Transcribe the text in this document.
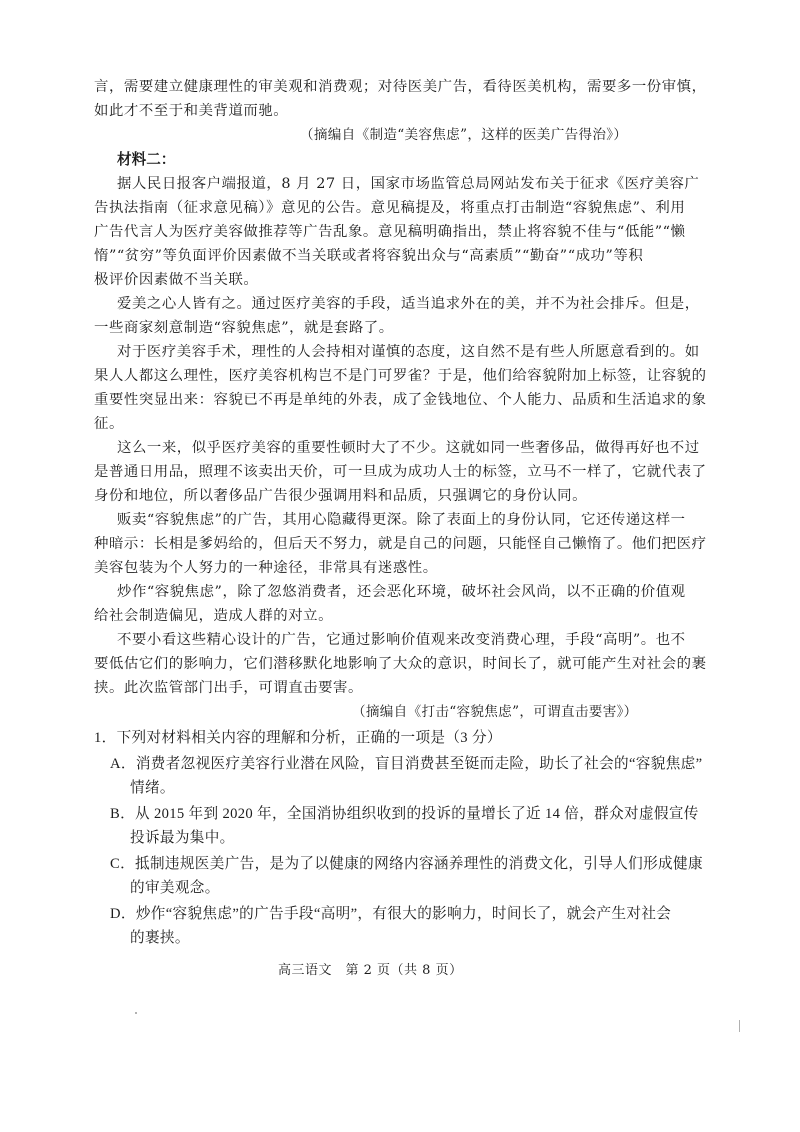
言，需要建立健康理性的审美观和消费观；对待医美广告，看待医美机构，需要多一份审慎，
如此才不至于和美背道而驰。
（摘编自《制造“美容焦虑”，这样的医美广告得治》）
材料二：
据人民日报客户端报道，8 月 27 日，国家市场监管总局网站发布关于征求《医疗美容广
告执法指南（征求意见稿）》意见的公告。意见稿提及，将重点打击制造“容貌焦虑”、利用
广告代言人为医疗美容做推荐等广告乱象。意见稿明确指出，禁止将容貌不佳与“低能”“懒
惰”“贫穷”等负面评价因素做不当关联或者将容貌出众与“高素质”“勤奋”“成功”等积
极评价因素做不当关联。
爱美之心人皆有之。通过医疗美容的手段，适当追求外在的美，并不为社会排斥。但是，
一些商家刻意制造“容貌焦虑”，就是套路了。
对于医疗美容手术，理性的人会持相对谨慎的态度，这自然不是有些人所愿意看到的。如
果人人都这么理性，医疗美容机构岂不是门可罗雀？于是，他们给容貌附加上标签，让容貌的
重要性突显出来：容貌已不再是单纯的外表，成了金钱地位、个人能力、品质和生活追求的象
征。
这么一来，似乎医疗美容的重要性顿时大了不少。这就如同一些奢侈品，做得再好也不过
是普通日用品，照理不该卖出天价，可一旦成为成功人士的标签，立马不一样了，它就代表了
身份和地位，所以奢侈品广告很少强调用料和品质，只强调它的身份认同。
贩卖“容貌焦虑”的广告，其用心隐藏得更深。除了表面上的身份认同，它还传递这样一
种暗示：长相是爹妈给的，但后天不努力，就是自己的问题，只能怪自己懒惰了。他们把医疗
美容包装为个人努力的一种途径，非常具有迷惑性。
炒作“容貌焦虑”，除了忽悠消费者，还会恶化环境，破坏社会风尚，以不正确的价值观
给社会制造偏见，造成人群的对立。
不要小看这些精心设计的广告，它通过影响价值观来改变消费心理，手段“高明”。也不
要低估它们的影响力，它们潜移默化地影响了大众的意识，时间长了，就可能产生对社会的裹
挟。此次监管部门出手，可谓直击要害。
（摘编自《打击“容貌焦虑”，可谓直击要害》）
1．下列对材料相关内容的理解和分析，正确的一项是（3 分）
A．消费者忽视医疗美容行业潜在风险，盲目消费甚至铤而走险，助长了社会的“容貌焦虑”
情绪。
B．从 2015 年到 2020 年，全国消协组织收到的投诉的量增长了近 14 倍，群众对虚假宣传
投诉最为集中。
C．抵制违规医美广告，是为了以健康的网络内容涵养理性的消费文化，引导人们形成健康
的审美观念。
D．炒作“容貌焦虑”的广告手段“高明”，有很大的影响力，时间长了，就会产生对社会
的裹挟。
高三语文　第 2 页（共 8 页）
